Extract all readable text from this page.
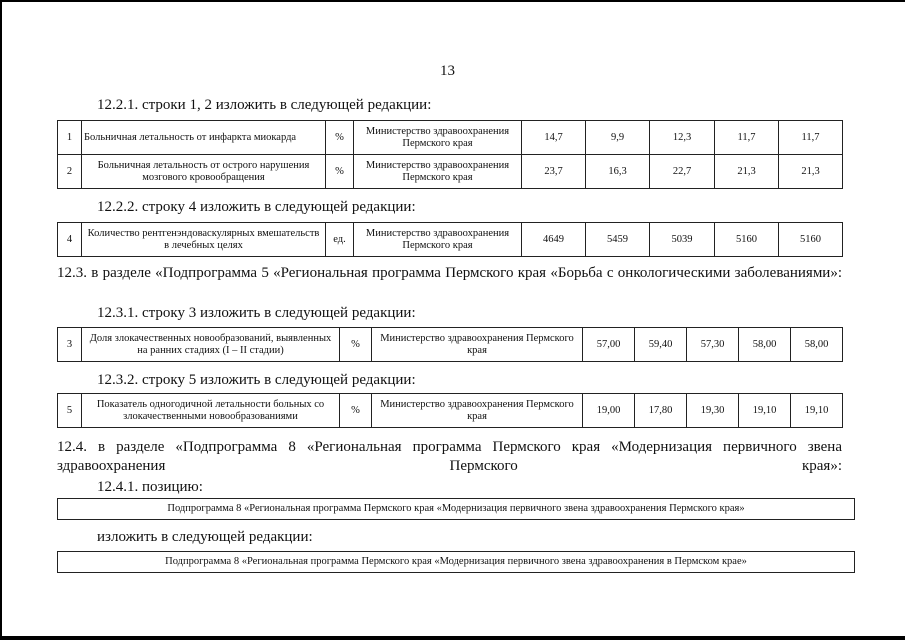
13
12.2.1. строки 1, 2 изложить в следующей редакции:
1	Больничная летальность от инфаркта миокарда	%	Министерство здравоохранения Пермского края	14,7	9,9	12,3	11,7	11,7
2	Больничная летальность от острого нарушения мозгового кровообращения	%	Министерство здравоохранения Пермского края	23,7	16,3	22,7	21,3	21,3
12.2.2. строку 4 изложить в следующей редакции:
4	Количество рентгенэндоваскулярных вмешательств в лечебных целях	ед.	Министерство здравоохранения Пермского края	4649	5459	5039	5160	5160
12.3. в разделе «Подпрограмма 5 «Региональная программа Пермского края «Борьба с онкологическими заболеваниями»:
12.3.1. строку 3 изложить в следующей редакции:
3	Доля злокачественных новообразований, выявленных на ранних стадиях (I – II стадии)	%	Министерство здравоохранения Пермского края	57,00	59,40	57,30	58,00	58,00
12.3.2. строку 5 изложить в следующей редакции:
5	Показатель одногодичной летальности больных со злокачественными новообразованиями	%	Министерство здравоохранения Пермского края	19,00	17,80	19,30	19,10	19,10
12.4. в разделе «Подпрограмма 8 «Региональная программа Пермского края «Модернизация первичного звена здравоохранения Пермского края»:
12.4.1. позицию:
Подпрограмма 8 «Региональная программа Пермского края «Модернизация первичного звена здравоохранения Пермского края»
изложить в следующей редакции:
Подпрограмма 8 «Региональная программа Пермского края «Модернизация первичного звена здравоохранения в Пермском крае»
